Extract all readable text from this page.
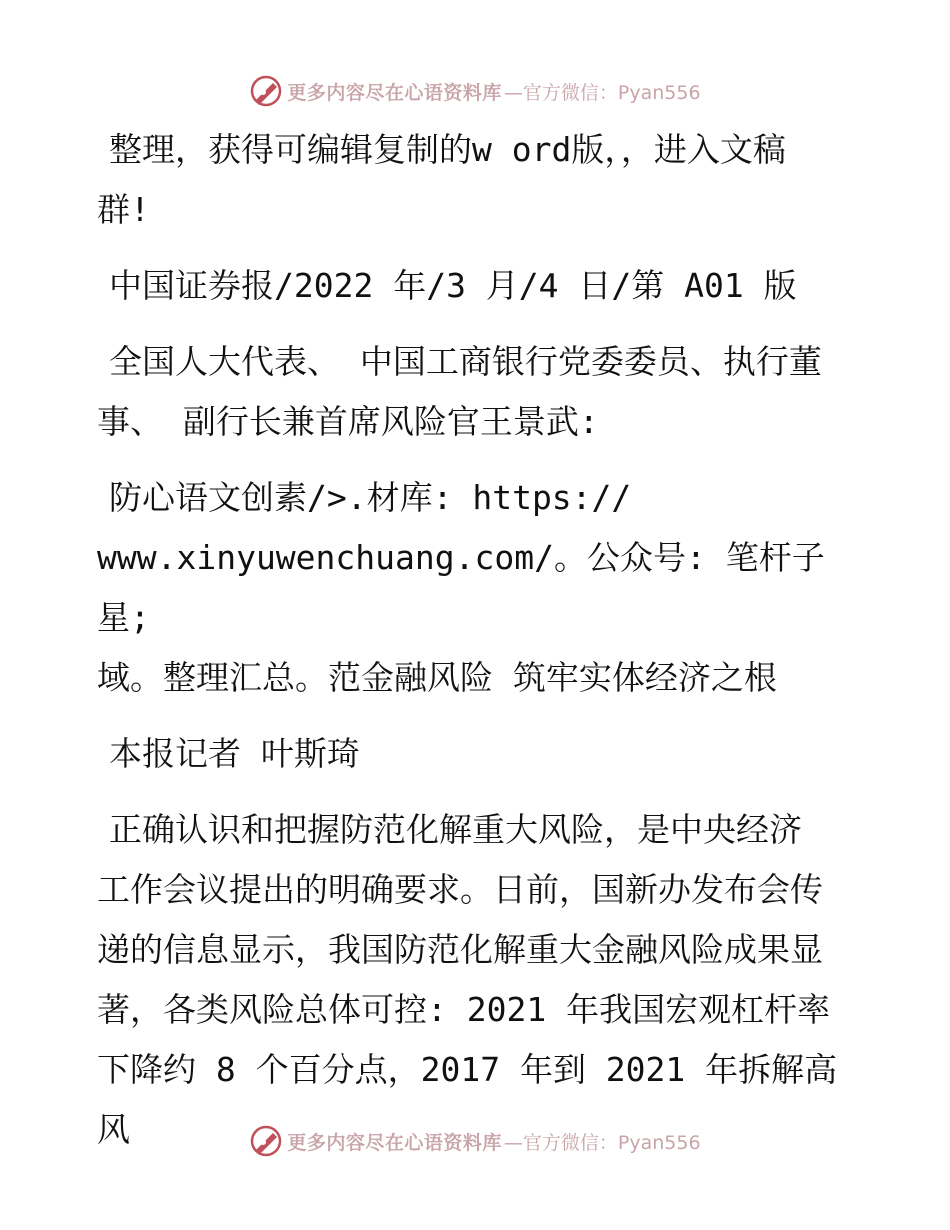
更多内容尽在心语资料库 —官方微信：Pyan556

整理，获得可编辑复制的w ord版，，进入文稿
群!

中国证券报/2022 年/3 月/4 日/第 A01 版

全国人大代表、 中国工商银行党委委员、执行董
事、 副行长兼首席风险官王景武:

防心语文创素/>.材库: https://
www.xinyuwenchuang.com/。公众号: 笔杆子星;
域。整理汇总。范金融风险 筑牢实体经济之根

本报记者 叶斯琦

正确认识和把握防范化解重大风险，是中央经济
工作会议提出的明确要求。日前，国新办发布会传
递的信息显示，我国防范化解重大金融风险成果显
著，各类风险总体可控: 2021 年我国宏观杠杆率
下降约 8 个百分点，2017 年到 2021 年拆解高风	更多内容尽在心语资料库 —官方微信：Pyan556
